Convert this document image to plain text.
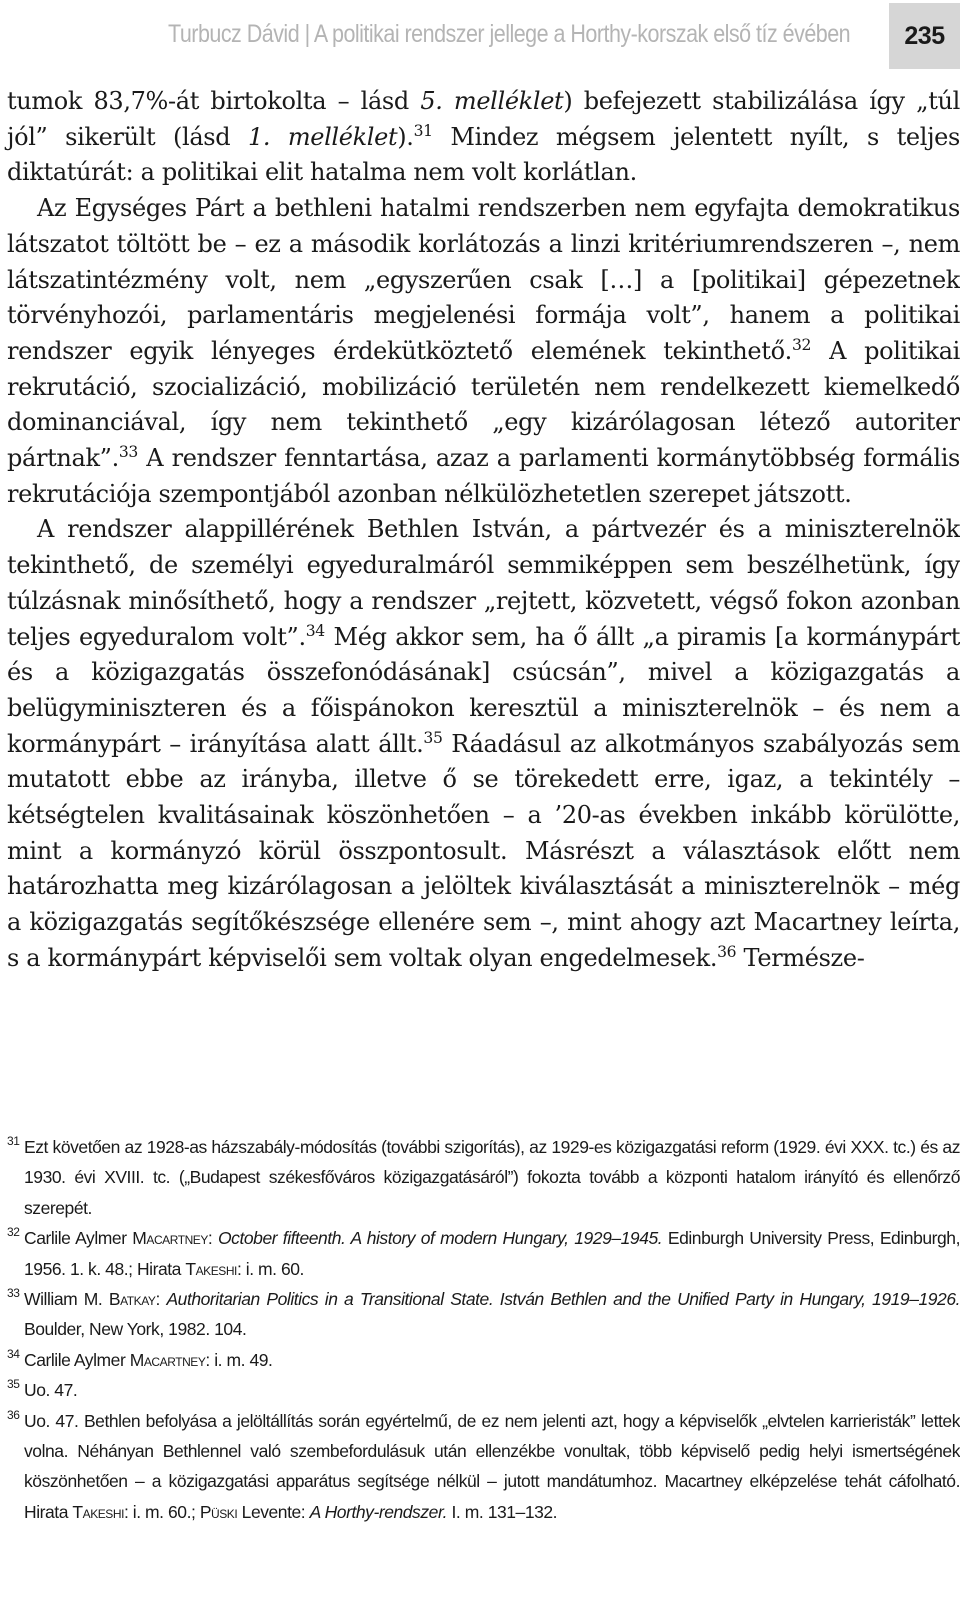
Turbucz Dávid | A politikai rendszer jellege a Horthy-korszak első tíz évében	235

tumok 83,7%-át birtokolta – lásd 5. melléklet) befejezett stabilizálása így „túl jól” sikerült (lásd 1. melléklet).$^{31}$ Mindez mégsem jelentett nyílt, s teljes diktatúrát: a politikai elit hatalma nem volt korlátlan.

Az Egységes Párt a bethleni hatalmi rendszerben nem egyfajta demokratikus látszatot töltött be – ez a második korlátozás a linzi kritériumrendszeren –, nem látszatintézmény volt, nem „egyszerűen csak […] a [politikai] gépezetnek törvényhozói, parlamentáris megjelenési formája volt”, hanem a politikai rendszer egyik lényeges érdekütköztető elemének tekinthető.$^{32}$ A politikai rekrutáció, szocializáció, mobilizáció területén nem rendelkezett kiemelkedő dominanciával, így nem tekinthető „egy kizárólagosan létező autoriter pártnak”.$^{33}$ A rendszer fenntartása, azaz a parlamenti kormánytöbbség formális rekrutációja szempontjából azonban nélkülözhetetlen szerepet játszott.

A rendszer alappillérének Bethlen István, a pártvezér és a miniszterelnök tekinthető, de személyi egyeduralmáról semmiképpen sem beszélhetünk, így túlzásnak minősíthető, hogy a rendszer „rejtett, közvetett, végső fokon azonban teljes egyeduralom volt”.$^{34}$ Még akkor sem, ha ő állt „a piramis [a kormánypárt és a közigazgatás összefonódásának] csúcsán”, mivel a közigazgatás a belügyminiszteren és a főispánokon keresztül a miniszterelnök – és nem a kormánypárt – irányítása alatt állt.$^{35}$ Ráadásul az alkotmányos szabályozás sem mutatott ebbe az irányba, illetve ő se törekedett erre, igaz, a tekintély – kétségtelen kvalitásainak köszönhetően – a ’20-as években inkább körülötte, mint a kormányzó körül összpontosult. Másrészt a választások előtt nem határozhatta meg kizárólagosan a jelöltek kiválasztását a miniszterelnök – még a közigazgatás segítőkészsége ellenére sem –, mint ahogy azt Macartney leírta, s a kormánypárt képviselői sem voltak olyan engedelmesek.$^{36}$ Természe-

31 Ezt követően az 1928-as házszabály-módosítás (további szigorítás), az 1929-es közigazgatási reform (1929. évi XXX. tc.) és az 1930. évi XVIII. tc. („Budapest székesfőváros közigazgatásáról”) fokozta tovább a központi hatalom irányító és ellenőrző szerepét.
32 Carlile Aylmer Macartney: October fifteenth. A history of modern Hungary, 1929–1945. Edinburgh University Press, Edinburgh, 1956. 1. k. 48.; Hirata Takeshi: i. m. 60.
33 William M. Batkay: Authoritarian Politics in a Transitional State. István Bethlen and the Unified Party in Hungary, 1919–1926. Boulder, New York, 1982. 104.
34 Carlile Aylmer Macartney: i. m. 49.
35 Uo. 47.
36 Uo. 47. Bethlen befolyása a jelöltállítás során egyértelmű, de ez nem jelenti azt, hogy a képviselők „elvtelen karrieristák” lettek volna. Néhányan Bethlennel való szembefordulásuk után ellenzékbe vonultak, több képviselő pedig helyi ismertségének köszönhetően – a közigazgatási apparátus segítsége nélkül – jutott mandátumhoz. Macartney elképzelése tehát cáfolható. Hirata Takeshi: i. m. 60.; Püski Levente: A Horthy-rendszer. I. m. 131–132.
